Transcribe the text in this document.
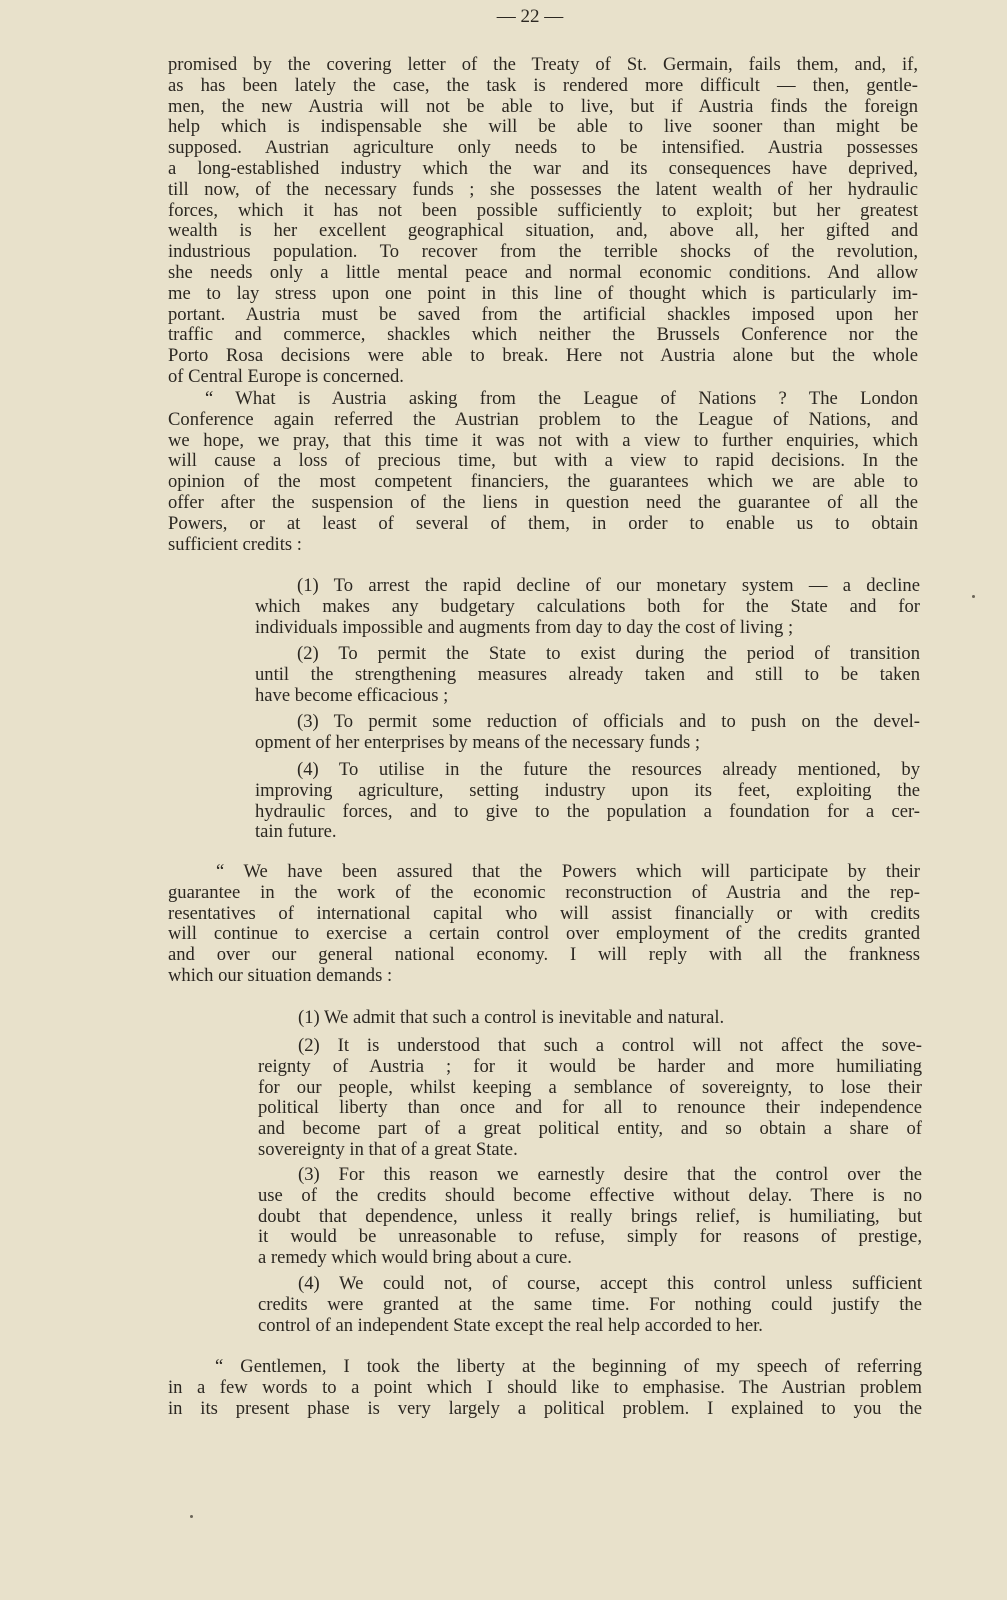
— 22 —
promised by the covering letter of the Treaty of St. Germain, fails them, and, if,
as has been lately the case, the task is rendered more difficult — then, gentle-
men, the new Austria will not be able to live, but if Austria finds the foreign
help which is indispensable she will be able to live sooner than might be
supposed. Austrian agriculture only needs to be intensified. Austria possesses
a long-established industry which the war and its consequences have deprived,
till now, of the necessary funds ; she possesses the latent wealth of her hydraulic
forces, which it has not been possible sufficiently to exploit; but her greatest
wealth is her excellent geographical situation, and, above all, her gifted and
industrious population. To recover from the terrible shocks of the revolution,
she needs only a little mental peace and normal economic conditions. And allow
me to lay stress upon one point in this line of thought which is particularly im-
portant. Austria must be saved from the artificial shackles imposed upon her
traffic and commerce, shackles which neither the Brussels Conference nor the
Porto Rosa decisions were able to break. Here not Austria alone but the whole
of Central Europe is concerned.
“ What is Austria asking from the League of Nations ? The London
Conference again referred the Austrian problem to the League of Nations, and
we hope, we pray, that this time it was not with a view to further enquiries, which
will cause a loss of precious time, but with a view to rapid decisions. In the
opinion of the most competent financiers, the guarantees which we are able to
offer after the suspension of the liens in question need the guarantee of all the
Powers, or at least of several of them, in order to enable us to obtain
sufficient credits :
(1) To arrest the rapid decline of our monetary system — a decline
which makes any budgetary calculations both for the State and for
individuals impossible and augments from day to day the cost of living ;
(2) To permit the State to exist during the period of transition
until the strengthening measures already taken and still to be taken
have become efficacious ;
(3) To permit some reduction of officials and to push on the devel-
opment of her enterprises by means of the necessary funds ;
(4) To utilise in the future the resources already mentioned, by
improving agriculture, setting industry upon its feet, exploiting the
hydraulic forces, and to give to the population a foundation for a cer-
tain future.
“ We have been assured that the Powers which will participate by their
guarantee in the work of the economic reconstruction of Austria and the rep-
resentatives of international capital who will assist financially or with credits
will continue to exercise a certain control over employment of the credits granted
and over our general national economy. I will reply with all the frankness
which our situation demands :
(1) We admit that such a control is inevitable and natural.
(2) It is understood that such a control will not affect the sove-
reignty of Austria ; for it would be harder and more humiliating
for our people, whilst keeping a semblance of sovereignty, to lose their
political liberty than once and for all to renounce their independence
and become part of a great political entity, and so obtain a share of
sovereignty in that of a great State.
(3) For this reason we earnestly desire that the control over the
use of the credits should become effective without delay. There is no
doubt that dependence, unless it really brings relief, is humiliating, but
it would be unreasonable to refuse, simply for reasons of prestige,
a remedy which would bring about a cure.
(4) We could not, of course, accept this control unless sufficient
credits were granted at the same time. For nothing could justify the
control of an independent State except the real help accorded to her.
“ Gentlemen, I took the liberty at the beginning of my speech of referring
in a few words to a point which I should like to emphasise. The Austrian problem
in its present phase is very largely a political problem. I explained to you the
